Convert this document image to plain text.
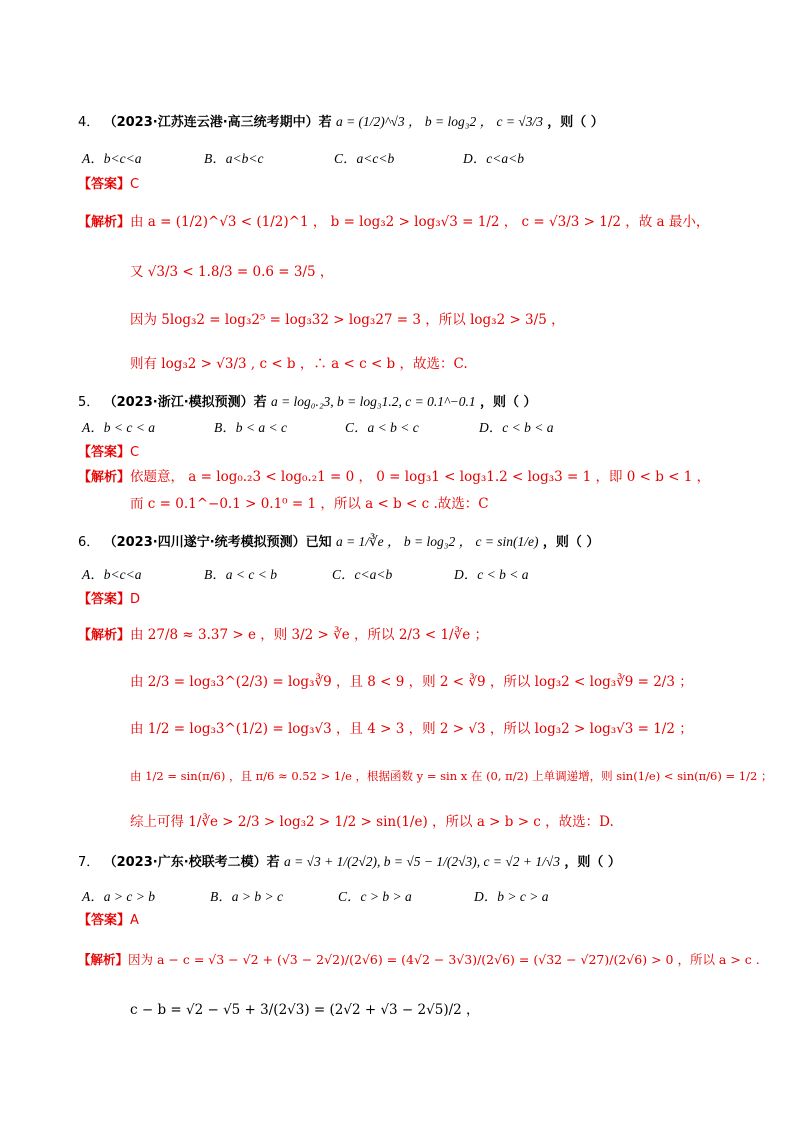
4． （2023·江苏连云港·高三统考期中）若 a = (1/2)^√3 ， b = log₃2 ， c = √3/3 ，则（ ）
A．b<c<a	B．a<b<c	C．a<c<b	D．c<a<b
【答案】C
【解析】由 a = (1/2)^√3 < (1/2)^1 ， b = log₃2 > log₃√3 = 1/2 ， c = √3/3 > 1/2 ，故 a 最小，
又 √3/3 < 1.8/3 = 0.6 = 3/5 ，
因为 5log₃2 = log₃2⁵ = log₃32 > log₃27 = 3 ，所以 log₃2 > 3/5 ，
则有 log₃2 > √3/3 , c < b ，∴ a < c < b ，故选：C.
5． （2023·浙江·模拟预测）若 a = log₀.₂3, b = log₃1.2, c = 0.1^−0.1 ，则（ ）
A．b < c < a	B．b < a < c	C．a < b < c	D．c < b < a
【答案】C
【解析】依题意， a = log₀.₂3 < log₀.₂1 = 0 ， 0 = log₃1 < log₃1.2 < log₃3 = 1 ，即 0 < b < 1 ，
而 c = 0.1^−0.1 > 0.1⁰ = 1 ，所以 a < b < c .故选：C
6． （2023·四川遂宁·统考模拟预测）已知 a = 1/∛e ， b = log₃2 ， c = sin(1/e) ，则（ ）
A．b<c<a	B．a < c < b	C．c<a<b	D．c < b < a
【答案】D
【解析】由 27/8 ≈ 3.37 > e ，则 3/2 > ∛e ，所以 2/3 < 1/∛e ；
由 2/3 = log₃3^(2/3) = log₃∛9 ，且 8 < 9 ，则 2 < ∛9 ，所以 log₃2 < log₃∛9 = 2/3 ；
由 1/2 = log₃3^(1/2) = log₃√3 ，且 4 > 3 ，则 2 > √3 ，所以 log₃2 > log₃√3 = 1/2 ；
由 1/2 = sin(π/6) ，且 π/6 ≈ 0.52 > 1/e ，根据函数 y = sin x 在 (0, π/2) 上单调递增，则 sin(1/e) < sin(π/6) = 1/2 ；
综上可得 1/∛e > 2/3 > log₃2 > 1/2 > sin(1/e) ，所以 a > b > c ，故选：D.
7． （2023·广东·校联考二模）若 a = √3 + 1/(2√2), b = √5 − 1/(2√3), c = √2 + 1/√3 ，则（ ）
A．a > c > b	B．a > b > c	C．c > b > a	D．b > c > a
【答案】A
【解析】因为 a − c = √3 − √2 + (√3 − 2√2)/(2√6) = (4√2 − 3√3)/(2√6) = (√32 − √27)/(2√6) > 0 ，所以 a > c .
c − b = √2 − √5 + 3/(2√3) = (2√2 + √3 − 2√5)/2 ，
